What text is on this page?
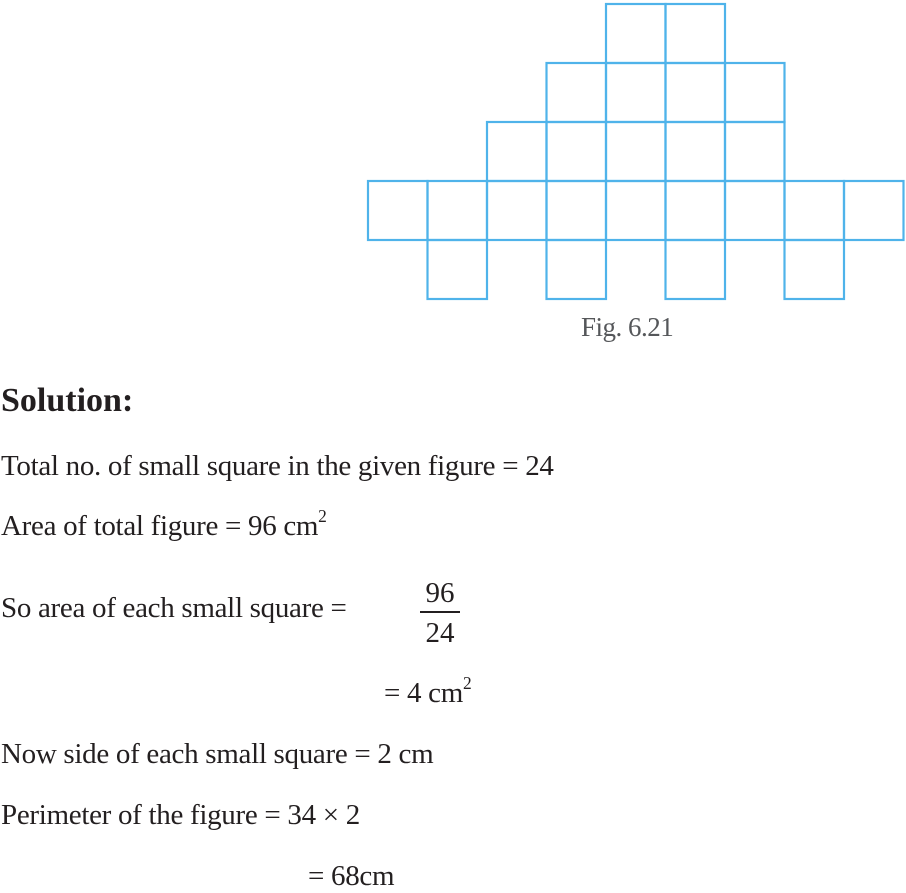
Fig. 6.21
Solution:
Total no. of small square in the given figure = 24
Area of total figure = 96 $cm^2$
So area of each small square =	96
24
= 4 $cm^2$
Now side of each small square = 2 cm
Perimeter of the figure = 34 × 2
= 68cm
